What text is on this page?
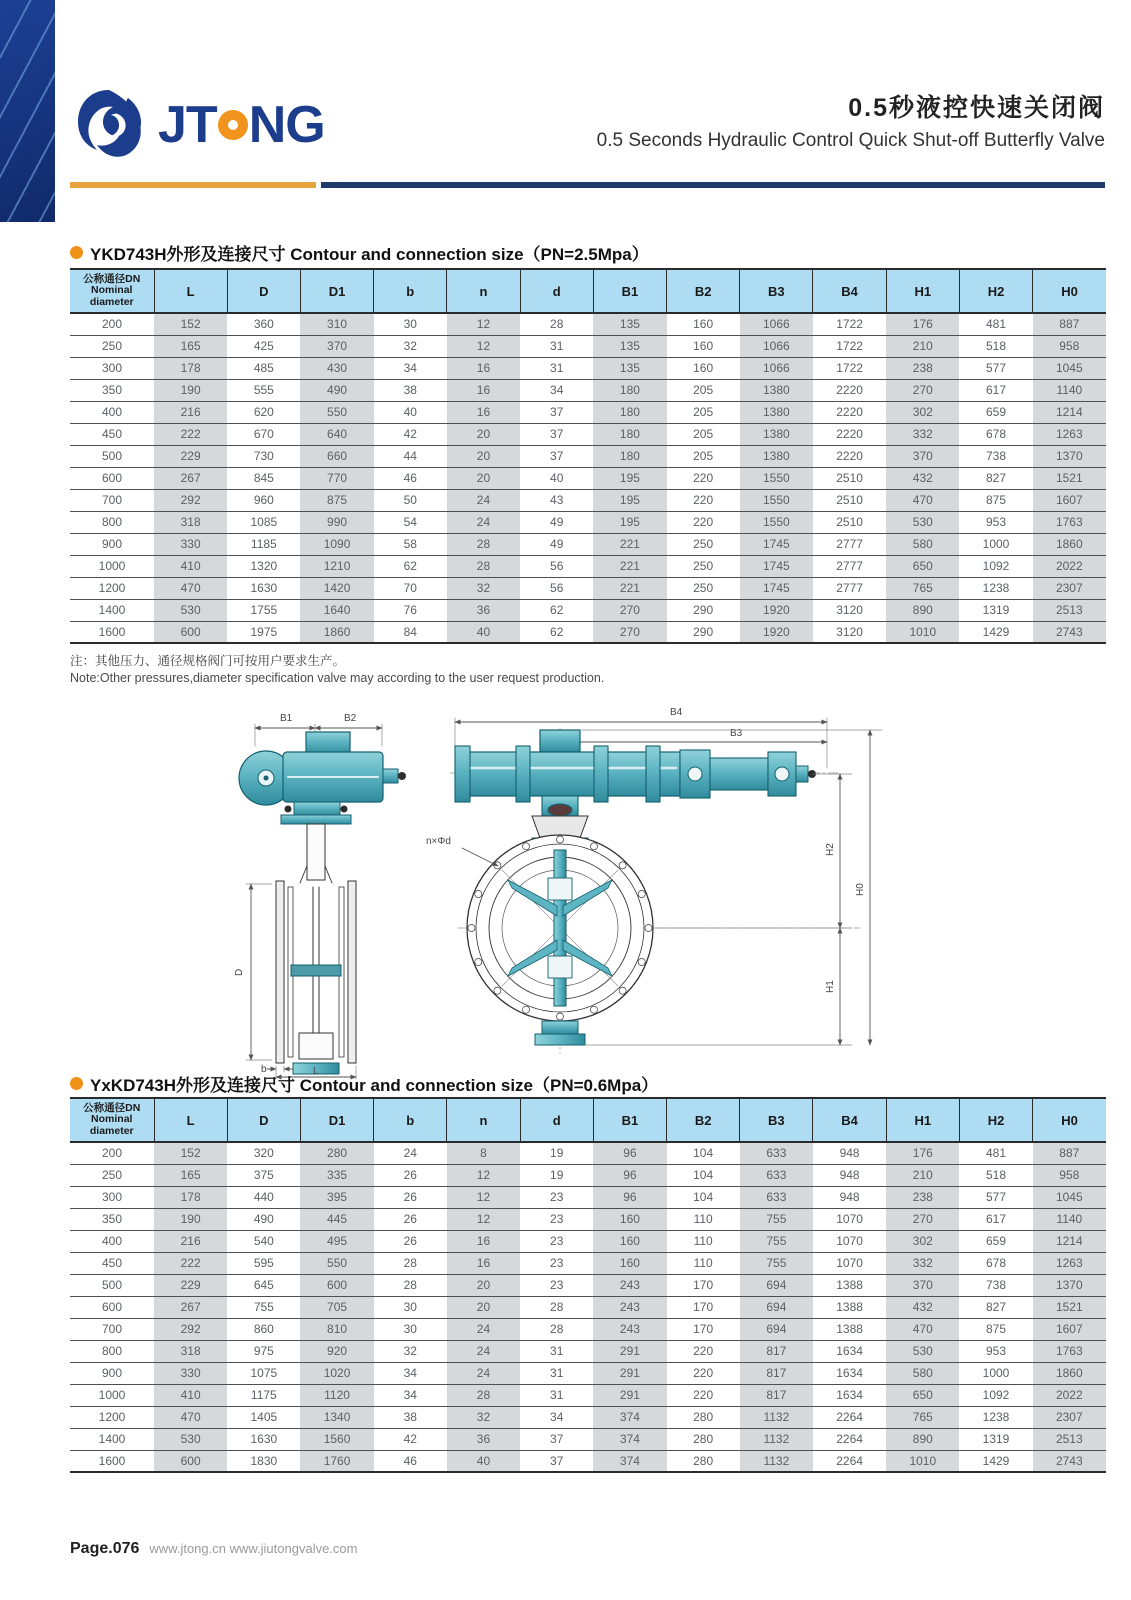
JT NG	0.5秒液控快速关闭阀
0.5 Seconds Hydraulic Control Quick Shut-off Butterfly Valve
YKD743H外形及连接尺寸 Contour and connection size（PN=2.5Mpa）
公称通径DN
Nominal
diameter	L	D	D1	b	n	d	B1	B2	B3	B4	H1	H2	H0
200	152	360	310	30	12	28	135	160	1066	1722	176	481	887
250	165	425	370	32	12	31	135	160	1066	1722	210	518	958
300	178	485	430	34	16	31	135	160	1066	1722	238	577	1045
350	190	555	490	38	16	34	180	205	1380	2220	270	617	1140
400	216	620	550	40	16	37	180	205	1380	2220	302	659	1214
450	222	670	640	42	20	37	180	205	1380	2220	332	678	1263
500	229	730	660	44	20	37	180	205	1380	2220	370	738	1370
600	267	845	770	46	20	40	195	220	1550	2510	432	827	1521
700	292	960	875	50	24	43	195	220	1550	2510	470	875	1607
800	318	1085	990	54	24	49	195	220	1550	2510	530	953	1763
900	330	1185	1090	58	28	49	221	250	1745	2777	580	1000	1860
1000	410	1320	1210	62	28	56	221	250	1745	2777	650	1092	2022
1200	470	1630	1420	70	32	56	221	250	1745	2777	765	1238	2307
1400	530	1755	1640	76	36	62	270	290	1920	3120	890	1319	2513
1600	600	1975	1860	84	40	62	270	290	1920	3120	1010	1429	2743
注：其他压力、通径规格阀门可按用户要求生产。
Note:Other pressures,diameter specification valve may according to the user request production.
B1	B2
D
b	L
B4
B3
n×Φd
H2
H1
H0
YxKD743H外形及连接尺寸 Contour and connection size（PN=0.6Mpa）
公称通径DN
Nominal
diameter	L	D	D1	b	n	d	B1	B2	B3	B4	H1	H2	H0
200	152	320	280	24	8	19	96	104	633	948	176	481	887
250	165	375	335	26	12	19	96	104	633	948	210	518	958
300	178	440	395	26	12	23	96	104	633	948	238	577	1045
350	190	490	445	26	12	23	160	110	755	1070	270	617	1140
400	216	540	495	26	16	23	160	110	755	1070	302	659	1214
450	222	595	550	28	16	23	160	110	755	1070	332	678	1263
500	229	645	600	28	20	23	243	170	694	1388	370	738	1370
600	267	755	705	30	20	28	243	170	694	1388	432	827	1521
700	292	860	810	30	24	28	243	170	694	1388	470	875	1607
800	318	975	920	32	24	31	291	220	817	1634	530	953	1763
900	330	1075	1020	34	24	31	291	220	817	1634	580	1000	1860
1000	410	1175	1120	34	28	31	291	220	817	1634	650	1092	2022
1200	470	1405	1340	38	32	34	374	280	1132	2264	765	1238	2307
1400	530	1630	1560	42	36	37	374	280	1132	2264	890	1319	2513
1600	600	1830	1760	46	40	37	374	280	1132	2264	1010	1429	2743
Page.076 www.jtong.cn www.jiutongvalve.com
